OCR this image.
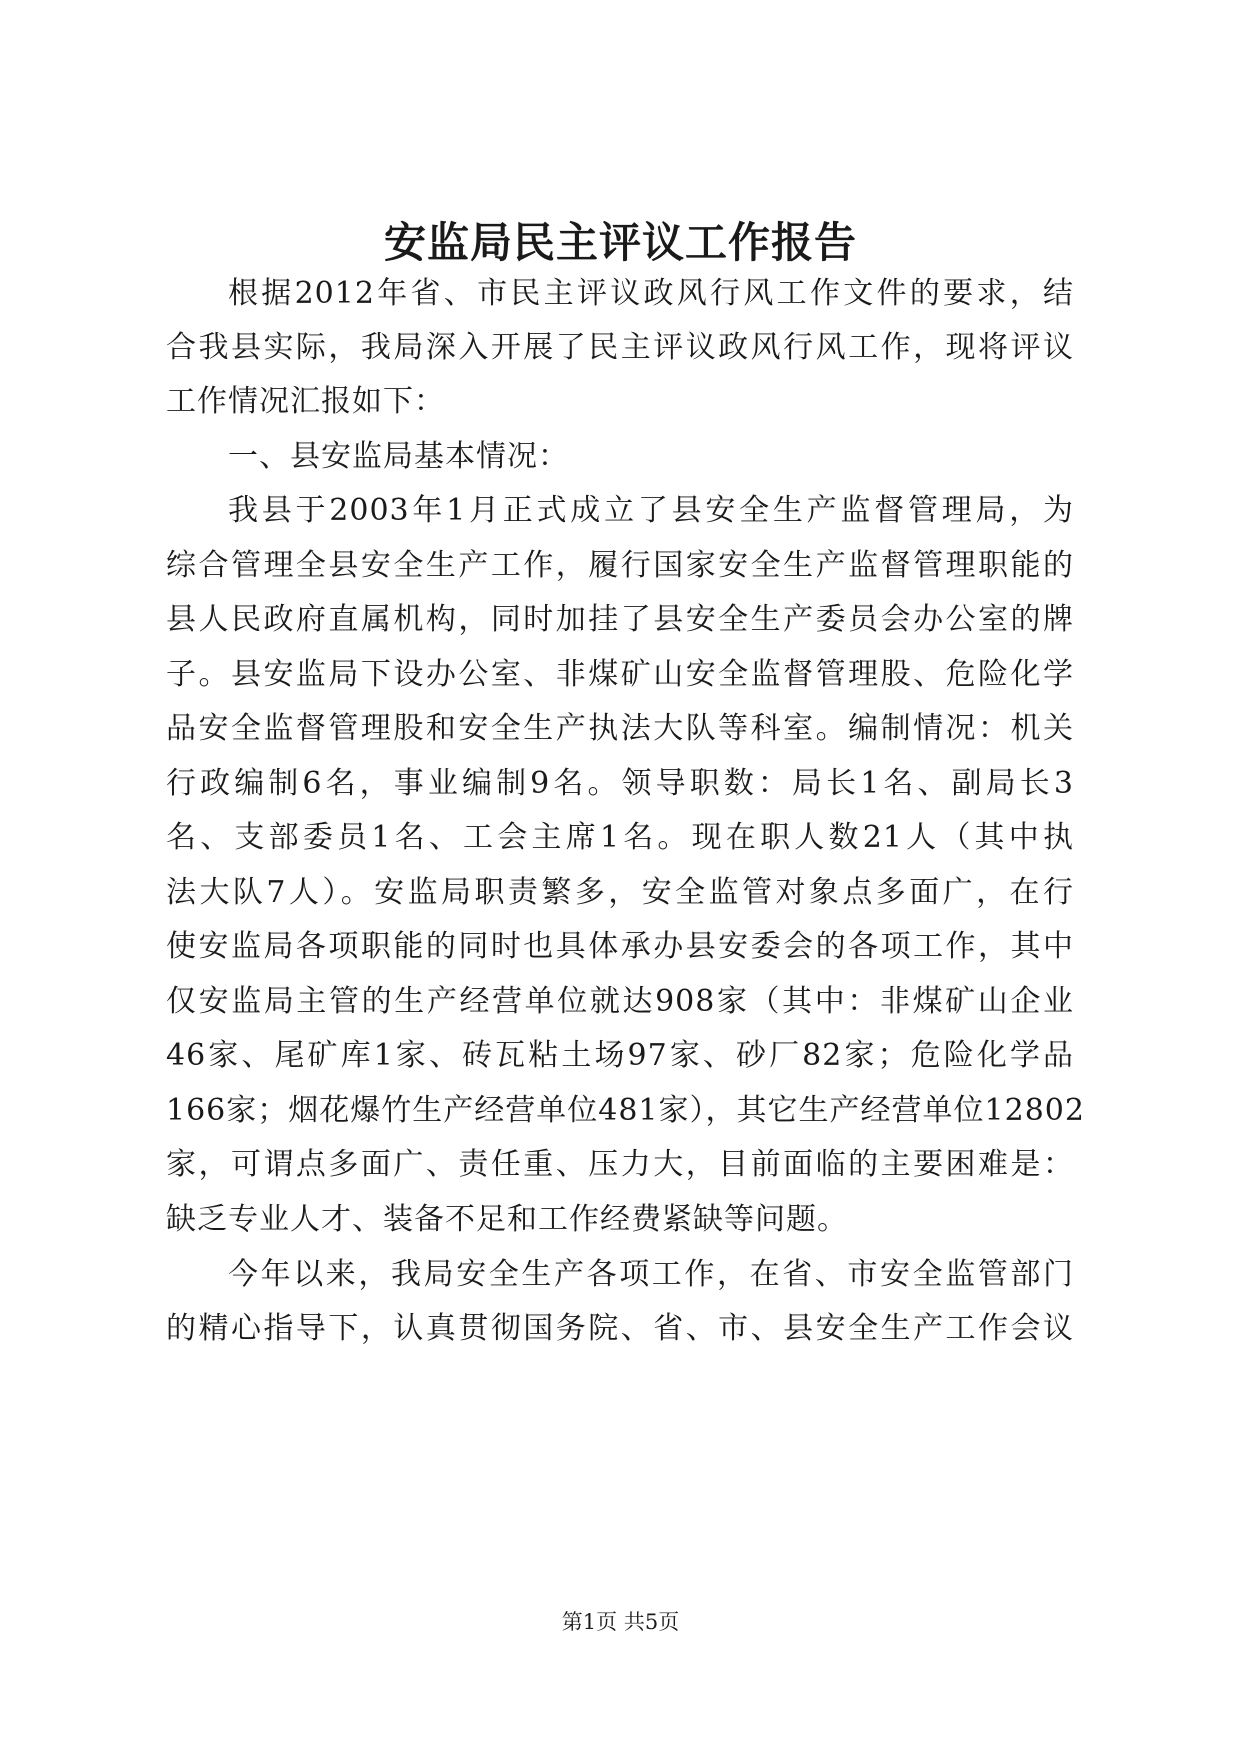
安监局民主评议工作报告
根据2012年省、市民主评议政风行风工作文件的要求，结
合我县实际，我局深入开展了民主评议政风行风工作，现将评议
工作情况汇报如下：
一、县安监局基本情况：
我县于2003年1月正式成立了县安全生产监督管理局，为
综合管理全县安全生产工作，履行国家安全生产监督管理职能的
县人民政府直属机构，同时加挂了县安全生产委员会办公室的牌
子。县安监局下设办公室、非煤矿山安全监督管理股、危险化学
品安全监督管理股和安全生产执法大队等科室。编制情况：机关
行政编制6名，事业编制9名。领导职数：局长1名、副局长3
名、支部委员1名、工会主席1名。现在职人数21人（其中执
法大队7人）。安监局职责繁多，安全监管对象点多面广，在行
使安监局各项职能的同时也具体承办县安委会的各项工作，其中
仅安监局主管的生产经营单位就达908家（其中：非煤矿山企业
46家、尾矿库1家、砖瓦粘土场97家、砂厂82家；危险化学品
166家；烟花爆竹生产经营单位481家），其它生产经营单位12802
家，可谓点多面广、责任重、压力大，目前面临的主要困难是：
缺乏专业人才、装备不足和工作经费紧缺等问题。
今年以来，我局安全生产各项工作，在省、市安全监管部门
的精心指导下，认真贯彻国务院、省、市、县安全生产工作会议
第1页 共5页
